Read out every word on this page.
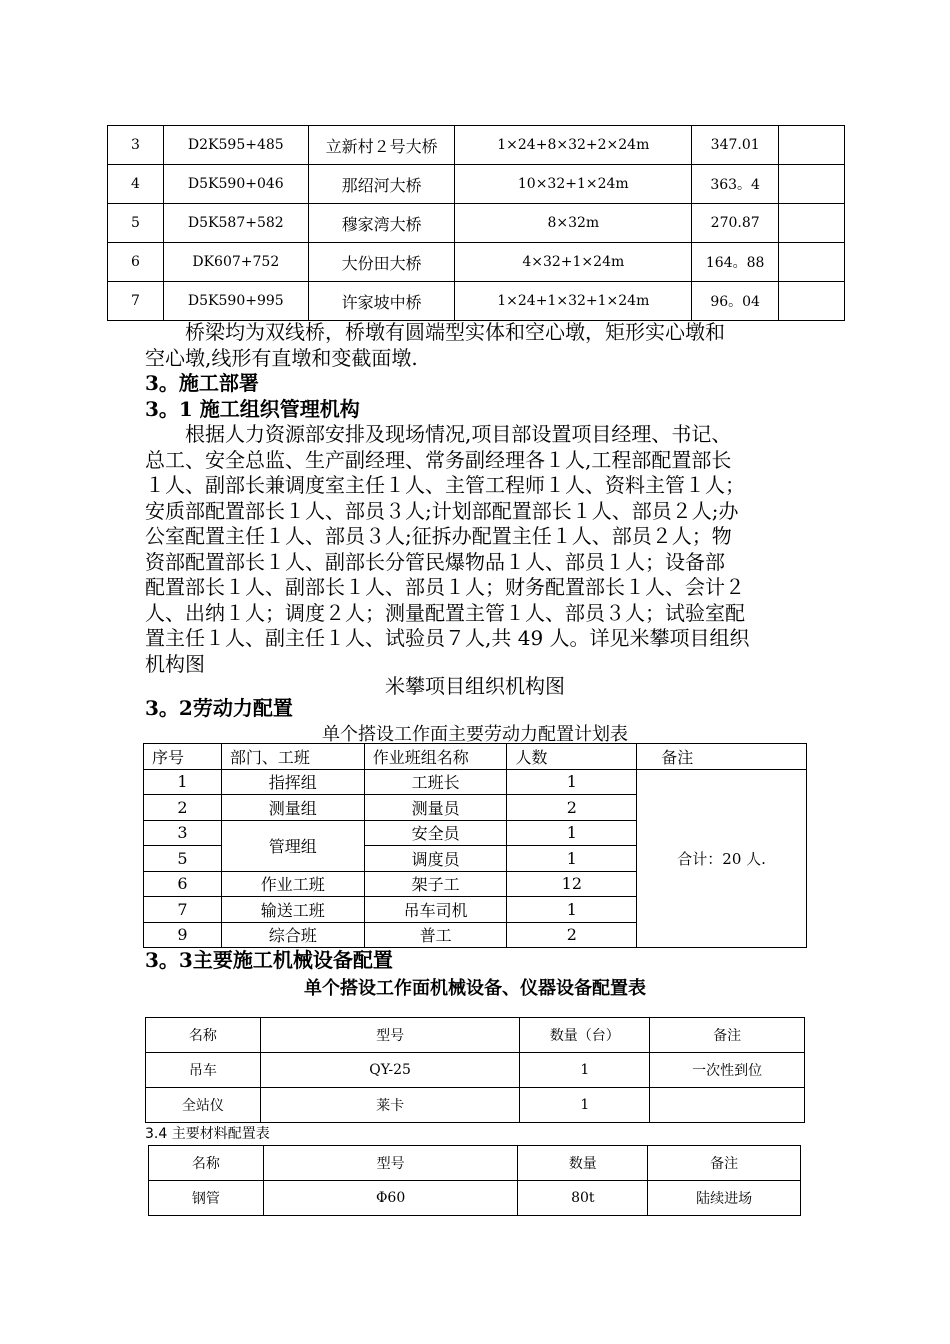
3	D2K595+485	立新村２号大桥	1×24+8×32+2×24m	347.01	
4	D5K590+046	那绍河大桥	10×32+1×24m	363。4	
5	D5K587+582	穆家湾大桥	8×32m	270.87	
6	DK607+752	大份田大桥	4×32+1×24m	164。88	
7	D5K590+995	许家坡中桥	1×24+1×32+1×24m	96。04	
　　桥梁均为双线桥，桥墩有圆端型实体和空心墩，矩形实心墩和
空心墩,线形有直墩和变截面墩.
3。施工部署
3。1 施工组织管理机构
　　根据人力资源部安排及现场情况,项目部设置项目经理、书记、
总工、安全总监、生产副经理、常务副经理各１人,工程部配置部长
１人、副部长兼调度室主任１人、主管工程师１人、资料主管１人；
安质部配置部长１人、部员３人;计划部配置部长１人、部员２人;办
公室配置主任１人、部员３人;征拆办配置主任１人、部员２人；物
资部配置部长１人、副部长分管民爆物品１人、部员１人；设备部
配置部长１人、副部长１人、部员１人；财务配置部长１人、会计２
人、出纳１人；调度２人；测量配置主管１人、部员３人；试验室配
置主任１人、副主任１人、试验员７人,共 49 人。详见米攀项目组织
机构图
米攀项目组织机构图
3。2劳动力配置
单个搭设工作面主要劳动力配置计划表
序号	部门、工班	作业班组名称	人数	备注
1	指挥组	工班长	1	合计：20 人.
2	测量组	测量员	2	
3	管理组	安全员	1	
5		调度员	1	
6	作业工班	架子工	12	
7	输送工班	吊车司机	1	
9	综合班	普工	2	
3。3主要施工机械设备配置
单个搭设工作面机械设备、仪器设备配置表
名称	型号	数量（台）	备注
吊车	QY-25	1	一次性到位
全站仪	莱卡	1	
3.4 主要材料配置表
名称	型号	数量	备注
钢管	Φ60	80t	陆续进场
